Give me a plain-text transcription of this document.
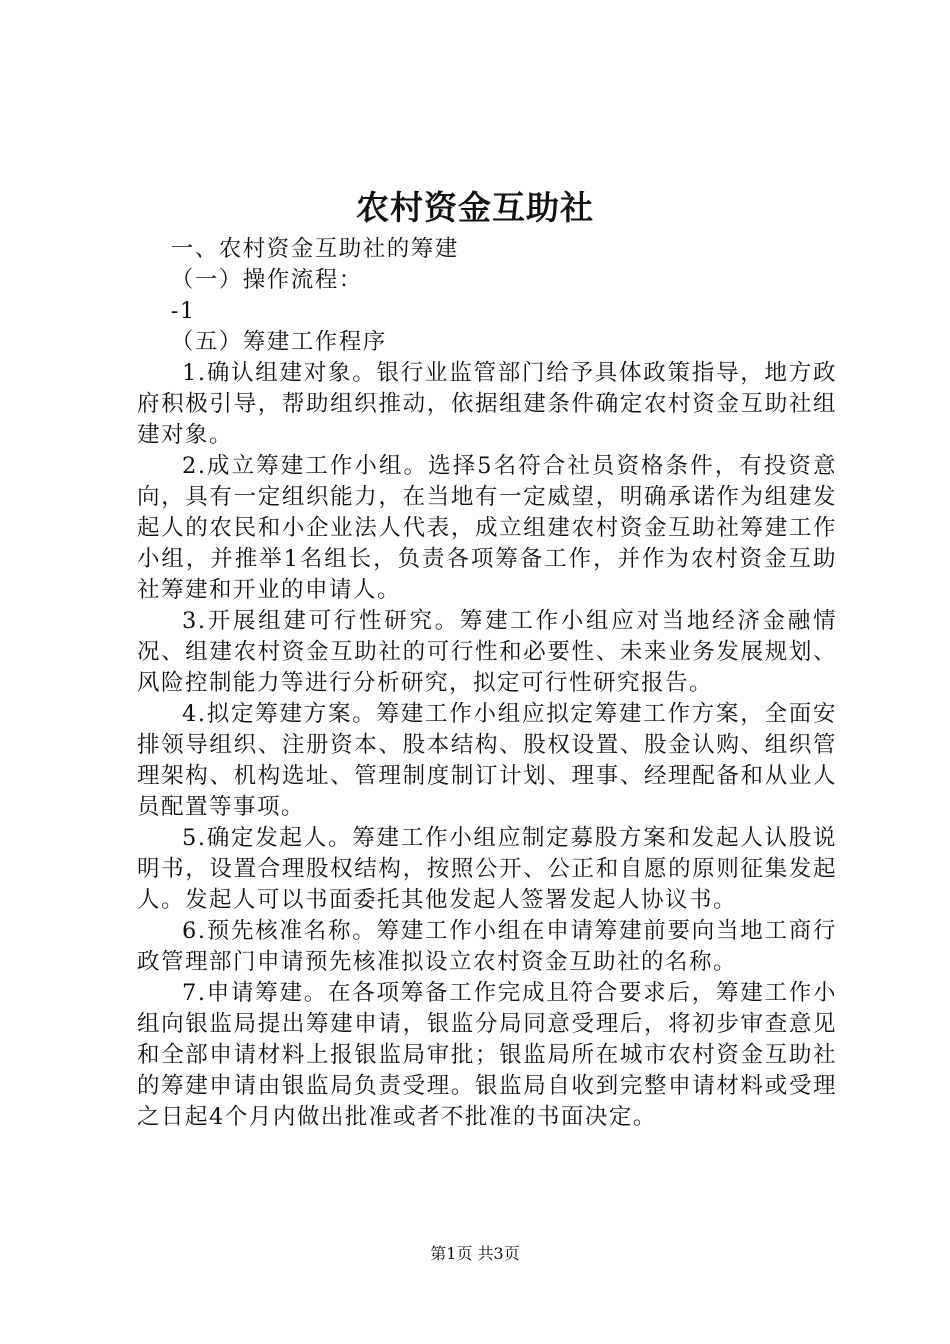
农村资金互助社

一、农村资金互助社的筹建

（一）操作流程：

-1

（五）筹建工作程序

1.确认组建对象。银行业监管部门给予具体政策指导，地方政府积极引导，帮助组织推动，依据组建条件确定农村资金互助社组建对象。

2.成立筹建工作小组。选择5名符合社员资格条件，有投资意向，具有一定组织能力，在当地有一定威望，明确承诺作为组建发起人的农民和小企业法人代表，成立组建农村资金互助社筹建工作小组，并推举1名组长，负责各项筹备工作，并作为农村资金互助社筹建和开业的申请人。

3.开展组建可行性研究。筹建工作小组应对当地经济金融情况、组建农村资金互助社的可行性和必要性、未来业务发展规划、风险控制能力等进行分析研究，拟定可行性研究报告。

4.拟定筹建方案。筹建工作小组应拟定筹建工作方案，全面安排领导组织、注册资本、股本结构、股权设置、股金认购、组织管理架构、机构选址、管理制度制订计划、理事、经理配备和从业人员配置等事项。

5.确定发起人。筹建工作小组应制定募股方案和发起人认股说明书，设置合理股权结构，按照公开、公正和自愿的原则征集发起人。发起人可以书面委托其他发起人签署发起人协议书。

6.预先核准名称。筹建工作小组在申请筹建前要向当地工商行政管理部门申请预先核准拟设立农村资金互助社的名称。

7.申请筹建。在各项筹备工作完成且符合要求后，筹建工作小组向银监局提出筹建申请，银监分局同意受理后，将初步审查意见和全部申请材料上报银监局审批；银监局所在城市农村资金互助社的筹建申请由银监局负责受理。银监局自收到完整申请材料或受理之日起4个月内做出批准或者不批准的书面决定。

第1页 共3页
